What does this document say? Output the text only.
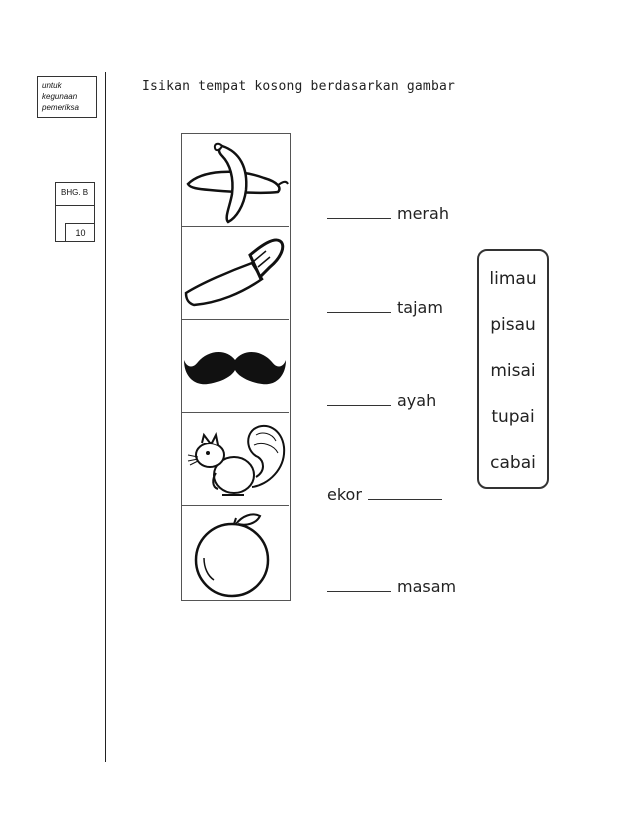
untuk
kegunaan
pemeriksa
BHG. B
10
Isikan tempat kosong berdasarkan gambar
merah
tajam
ayah
ekor
masam
limau
pisau
misai
tupai
cabai
